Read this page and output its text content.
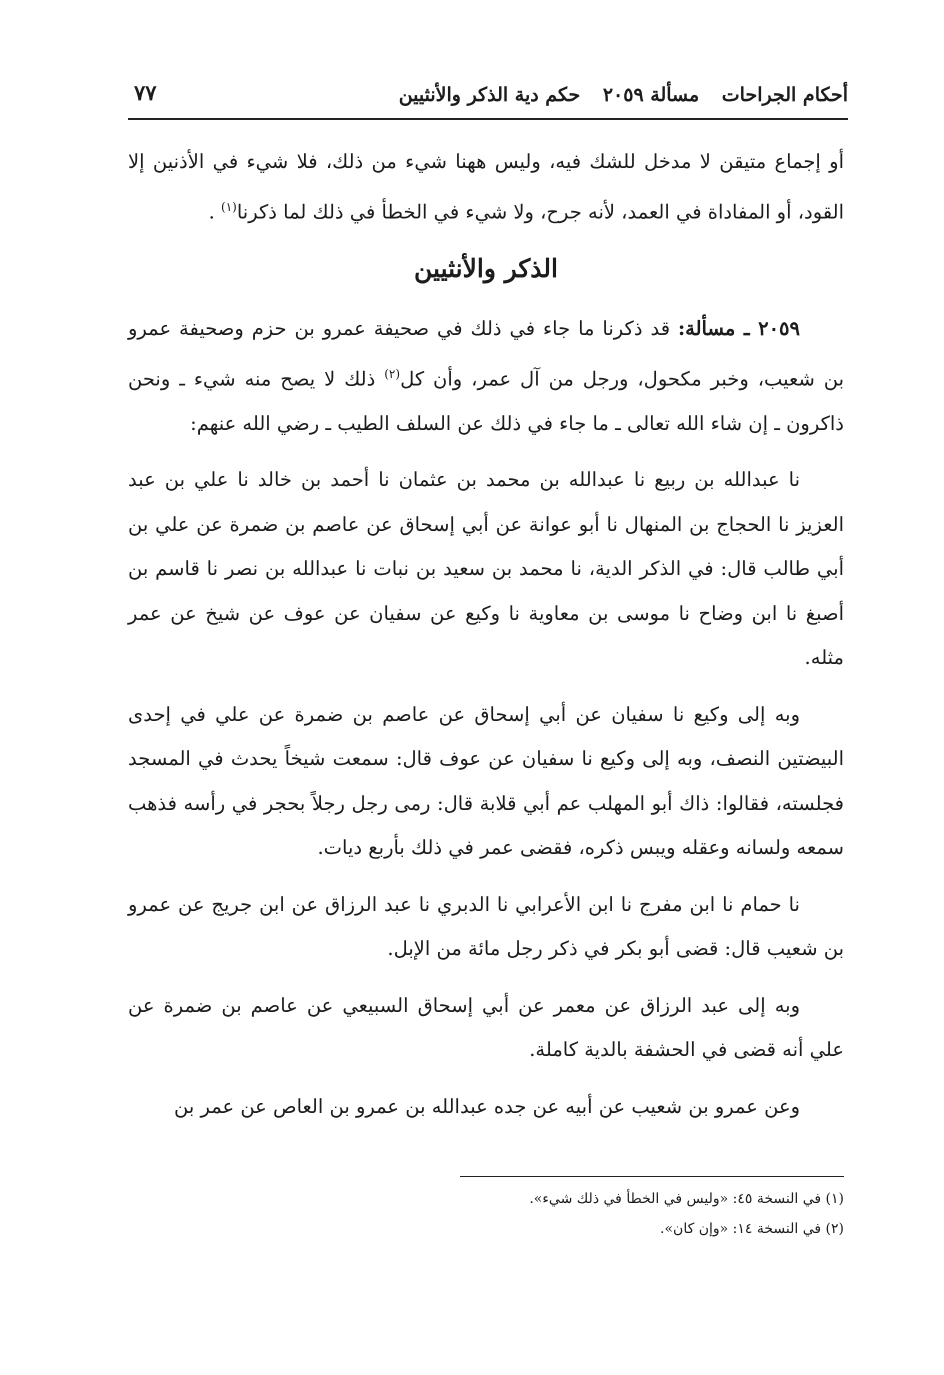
أحكام الجراحات مسألة ٢٠٥٩ حكم دية الذكر والأنثيين
٧٧

أو إجماع متيقن لا مدخل للشك فيه، وليس ههنا شيء من ذلك، فلا شيء في الأذنين إلا القود، أو المفاداة في العمد، لأنه جرح، ولا شيء في الخطأ في ذلك لما ذكرنا$^{(١)}$ .

الذكر والأنثيين

٢٠٥٩ ـ مسألة: قد ذكرنا ما جاء في ذلك في صحيفة عمرو بن حزم وصحيفة عمرو بن شعيب، وخبر مكحول، ورجل من آل عمر، وأن كل$^{(٢)}$ ذلك لا يصح منه شيء ـ ونحن ذاكرون ـ إن شاء الله تعالى ـ ما جاء في ذلك عن السلف الطيب ـ رضي الله عنهم:

نا عبدالله بن ربيع نا عبدالله بن محمد بن عثمان نا أحمد بن خالد نا علي بن عبد العزيز نا الحجاج بن المنهال نا أبو عوانة عن أبي إسحاق عن عاصم بن ضمرة عن علي بن أبي طالب قال: في الذكر الدية، نا محمد بن سعيد بن نبات نا عبدالله بن نصر نا قاسم بن أصبغ نا ابن وضاح نا موسى بن معاوية نا وكيع عن سفيان عن عوف عن شيخ عن عمر مثله.

وبه إلى وكيع نا سفيان عن أبي إسحاق عن عاصم بن ضمرة عن علي في إحدى البيضتين النصف، وبه إلى وكيع نا سفيان عن عوف قال: سمعت شيخاً يحدث في المسجد فجلسته، فقالوا: ذاك أبو المهلب عم أبي قلابة قال: رمى رجل رجلاً بحجر في رأسه فذهب سمعه ولسانه وعقله ويبس ذكره، فقضى عمر في ذلك بأربع ديات.

نا حمام نا ابن مفرج نا ابن الأعرابي نا الدبري نا عبد الرزاق عن ابن جريج عن عمرو بن شعيب قال: قضى أبو بكر في ذكر رجل مائة من الإبل.

وبه إلى عبد الرزاق عن معمر عن أبي إسحاق السبيعي عن عاصم بن ضمرة عن علي أنه قضى في الحشفة بالدية كاملة.

وعن عمرو بن شعيب عن أبيه عن جده عبدالله بن عمرو بن العاص عن عمر بن

(١) في النسخة ٤٥: «وليس في الخطأ في ذلك شيء».
(٢) في النسخة ١٤: «وإن كان».
